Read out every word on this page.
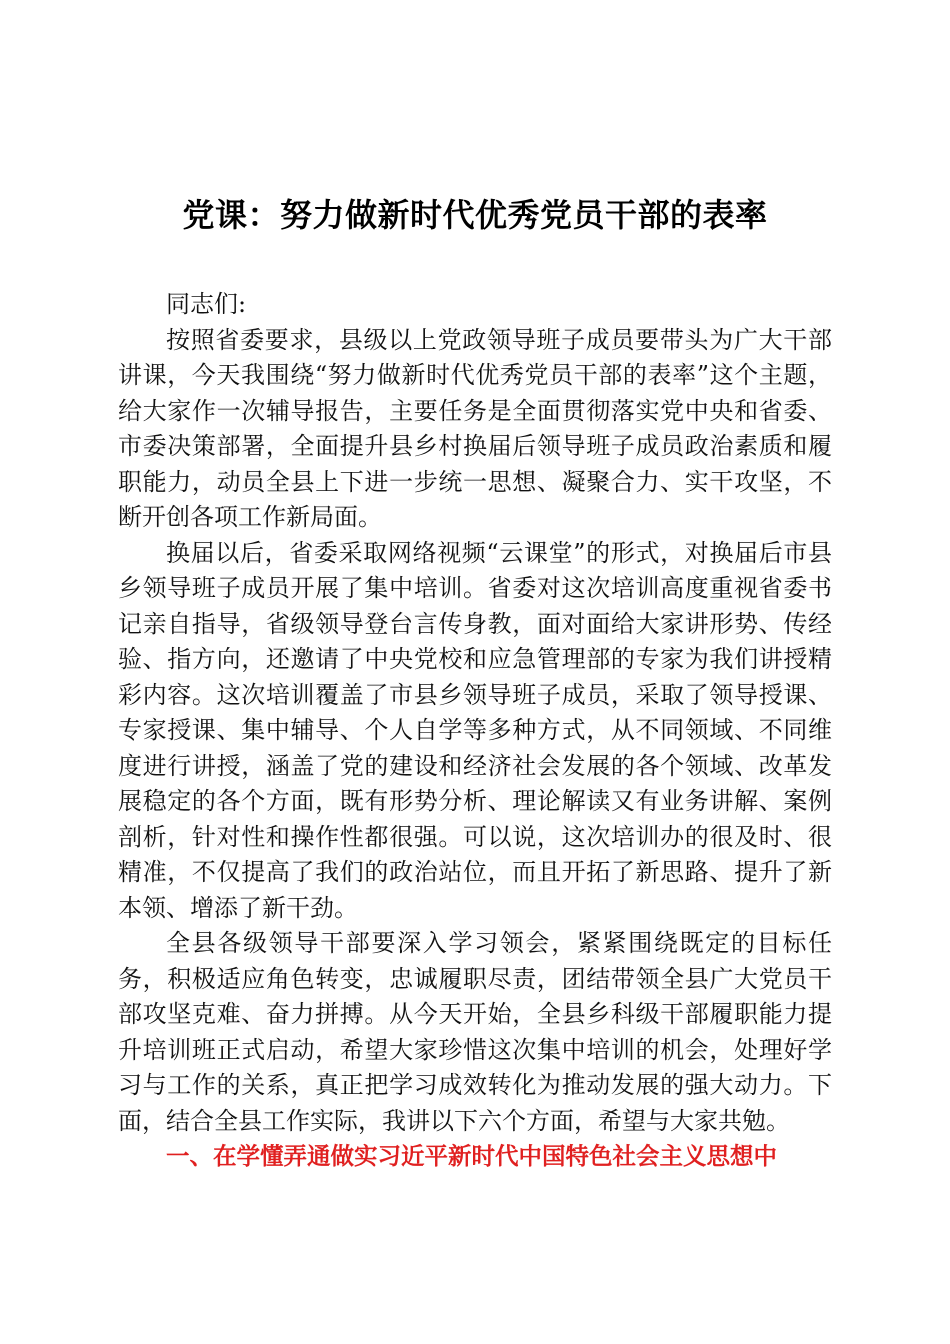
党课：努力做新时代优秀党员干部的表率

同志们:

按照省委要求，县级以上党政领导班子成员要带头为广大干部讲课，今天我围绕“努力做新时代优秀党员干部的表率”这个主题，给大家作一次辅导报告，主要任务是全面贯彻落实党中央和省委、市委决策部署，全面提升县乡村换届后领导班子成员政治素质和履职能力，动员全县上下进一步统一思想、凝聚合力、实干攻坚，不断开创各项工作新局面。

换届以后，省委采取网络视频“云课堂”的形式，对换届后市县乡领导班子成员开展了集中培训。省委对这次培训高度重视省委书记亲自指导，省级领导登台言传身教，面对面给大家讲形势、传经验、指方向，还邀请了中央党校和应急管理部的专家为我们讲授精彩内容。这次培训覆盖了市县乡领导班子成员，采取了领导授课、专家授课、集中辅导、个人自学等多种方式，从不同领域、不同维度进行讲授，涵盖了党的建设和经济社会发展的各个领域、改革发展稳定的各个方面，既有形势分析、理论解读又有业务讲解、案例剖析，针对性和操作性都很强。可以说，这次培训办的很及时、很精准，不仅提高了我们的政治站位，而且开拓了新思路、提升了新本领、增添了新干劲。

全县各级领导干部要深入学习领会，紧紧围绕既定的目标任务，积极适应角色转变，忠诚履职尽责，团结带领全县广大党员干部攻坚克难、奋力拼搏。从今天开始，全县乡科级干部履职能力提升培训班正式启动，希望大家珍惜这次集中培训的机会，处理好学习与工作的关系，真正把学习成效转化为推动发展的强大动力。下面，结合全县工作实际，我讲以下六个方面，希望与大家共勉。

一、在学懂弄通做实习近平新时代中国特色社会主义思想中
